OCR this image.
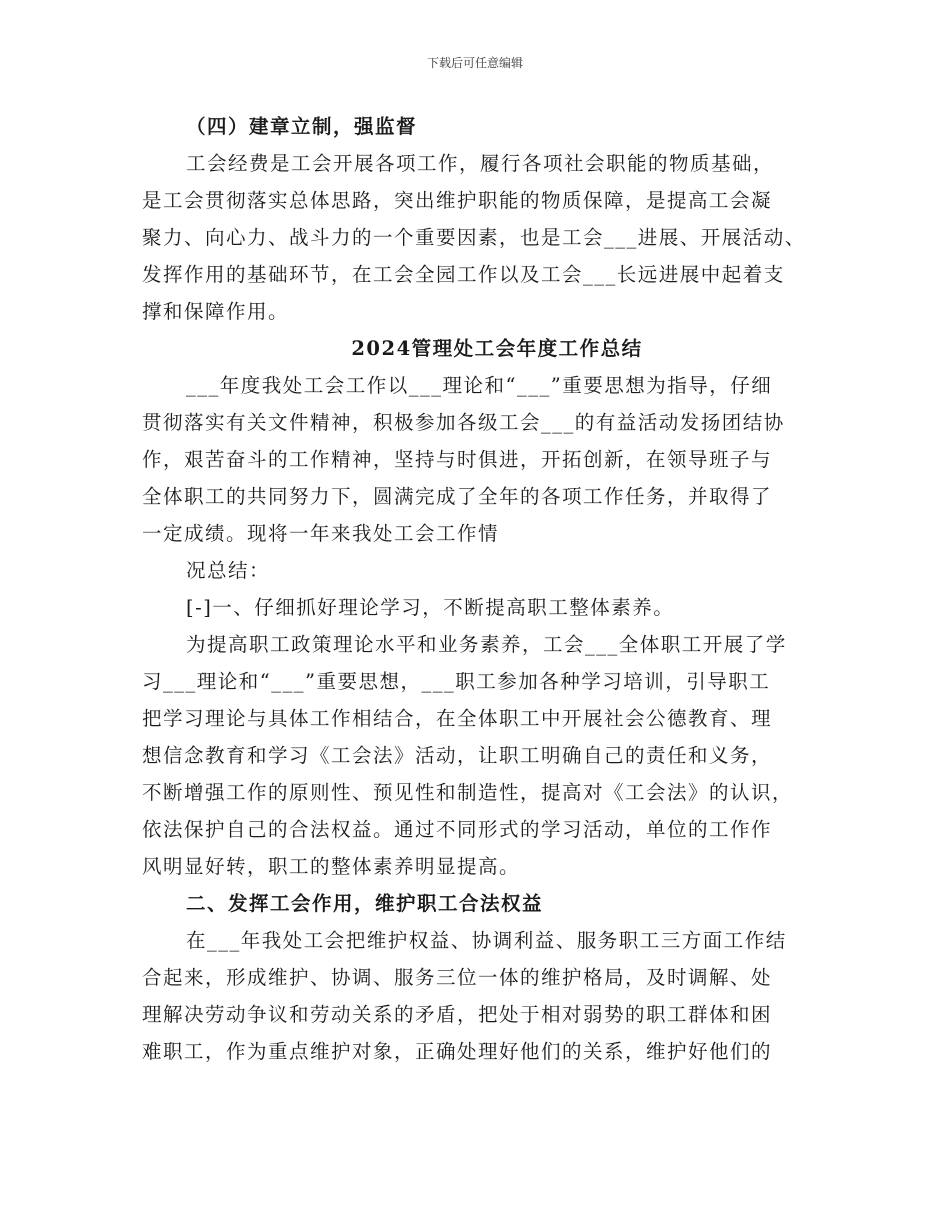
下载后可任意编辑
（四）建章立制，强监督
工会经费是工会开展各项工作，履行各项社会职能的物质基础，
是工会贯彻落实总体思路，突出维护职能的物质保障，是提高工会凝
聚力、向心力、战斗力的一个重要因素，也是工会___进展、开展活动、
发挥作用的基础环节，在工会全园工作以及工会___长远进展中起着支
撑和保障作用。
2024管理处工会年度工作总结
___年度我处工会工作以___理论和“___”重要思想为指导，仔细
贯彻落实有关文件精神，积极参加各级工会___的有益活动发扬团结协
作，艰苦奋斗的工作精神，坚持与时俱进，开拓创新，在领导班子与
全体职工的共同努力下，圆满完成了全年的各项工作任务，并取得了
一定成绩。现将一年来我处工会工作情
况总结：
[-]一、仔细抓好理论学习，不断提高职工整体素养。
为提高职工政策理论水平和业务素养，工会___全体职工开展了学
习___理论和“___”重要思想，___职工参加各种学习培训，引导职工
把学习理论与具体工作相结合，在全体职工中开展社会公德教育、理
想信念教育和学习《工会法》活动，让职工明确自己的责任和义务，
不断增强工作的原则性、预见性和制造性，提高对《工会法》的认识，
依法保护自己的合法权益。通过不同形式的学习活动，单位的工作作
风明显好转，职工的整体素养明显提高。
二、发挥工会作用，维护职工合法权益
在___年我处工会把维护权益、协调利益、服务职工三方面工作结
合起来，形成维护、协调、服务三位一体的维护格局，及时调解、处
理解决劳动争议和劳动关系的矛盾，把处于相对弱势的职工群体和困
难职工，作为重点维护对象，正确处理好他们的关系，维护好他们的
